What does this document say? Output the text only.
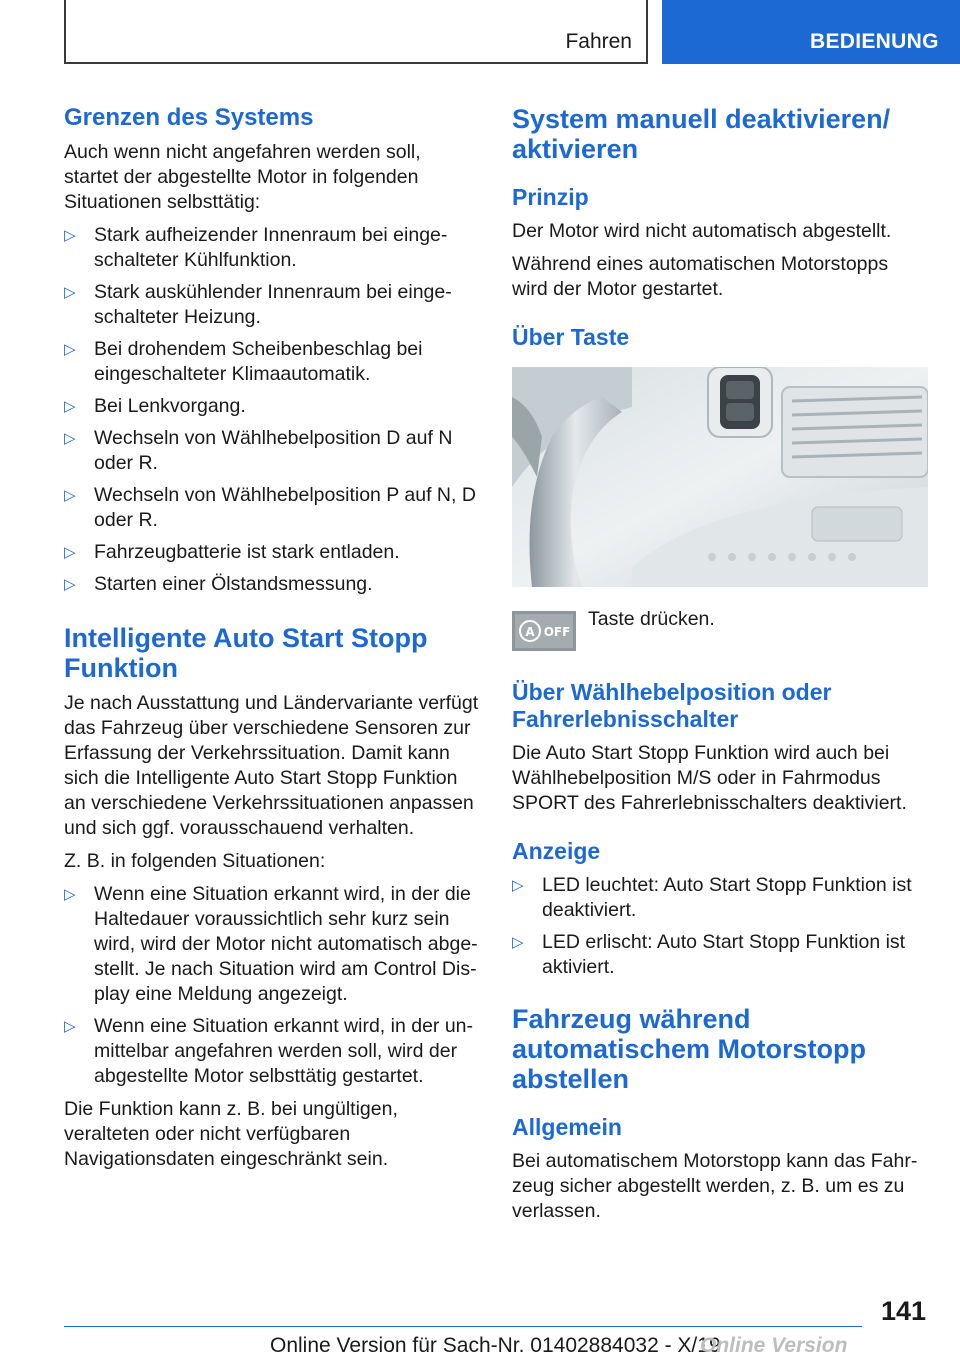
Fahren	BEDIENUNG
Grenzen des Systems

Auch wenn nicht angefahren werden soll, startet der abgestellte Motor in folgenden Situationen selbsttätig:

▷ Stark aufheizender Innenraum bei eingeschalteter Kühlfunktion.
▷ Stark auskühlender Innenraum bei eingeschalteter Heizung.
▷ Bei drohendem Scheibenbeschlag bei eingeschalteter Klimaautomatik.
▷ Bei Lenkvorgang.
▷ Wechseln von Wählhebelposition D auf N oder R.
▷ Wechseln von Wählhebelposition P auf N, D oder R.
▷ Fahrzeugbatterie ist stark entladen.
▷ Starten einer Ölstandsmessung.
Intelligente Auto Start Stopp Funktion

Je nach Ausstattung und Ländervariante verfügt das Fahrzeug über verschiedene Sensoren zur Erfassung der Verkehrssituation. Damit kann sich die Intelligente Auto Start Stopp Funktion an verschiedene Verkehrssituationen anpassen und sich ggf. vorausschauend verhalten.

Z. B. in folgenden Situationen:

▷ Wenn eine Situation erkannt wird, in der die Haltedauer voraussichtlich sehr kurz sein wird, wird der Motor nicht automatisch abgestellt. Je nach Situation wird am Control Display eine Meldung angezeigt.
▷ Wenn eine Situation erkannt wird, in der unmittelbar angefahren werden soll, wird der abgestellte Motor selbsttätig gestartet.

Die Funktion kann z. B. bei ungültigen, veralteten oder nicht verfügbaren Navigationsdaten eingeschränkt sein.

System manuell deaktivieren/ aktivieren
Prinzip

Der Motor wird nicht automatisch abgestellt.

Während eines automatischen Motorstopps wird der Motor gestartet.

Über Taste
A OFF

Taste drücken.

Über Wählhebelposition oder Fahrerlebnisschalter

Die Auto Start Stopp Funktion wird auch bei Wählhebelposition M/S oder in Fahrmodus SPORT des Fahrerlebnisschalters deaktiviert.

Anzeige
▷ LED leuchtet: Auto Start Stopp Funktion ist deaktiviert.
▷ LED erlischt: Auto Start Stopp Funktion ist aktiviert.
Fahrzeug während automatischem Motorstopp abstellen
Allgemein

Bei automatischem Motorstopp kann das Fahrzeug sicher abgestellt werden, z. B. um es zu verlassen.

141
Online Version für Sach-Nr. 01402884032 - X/19
Online Version
